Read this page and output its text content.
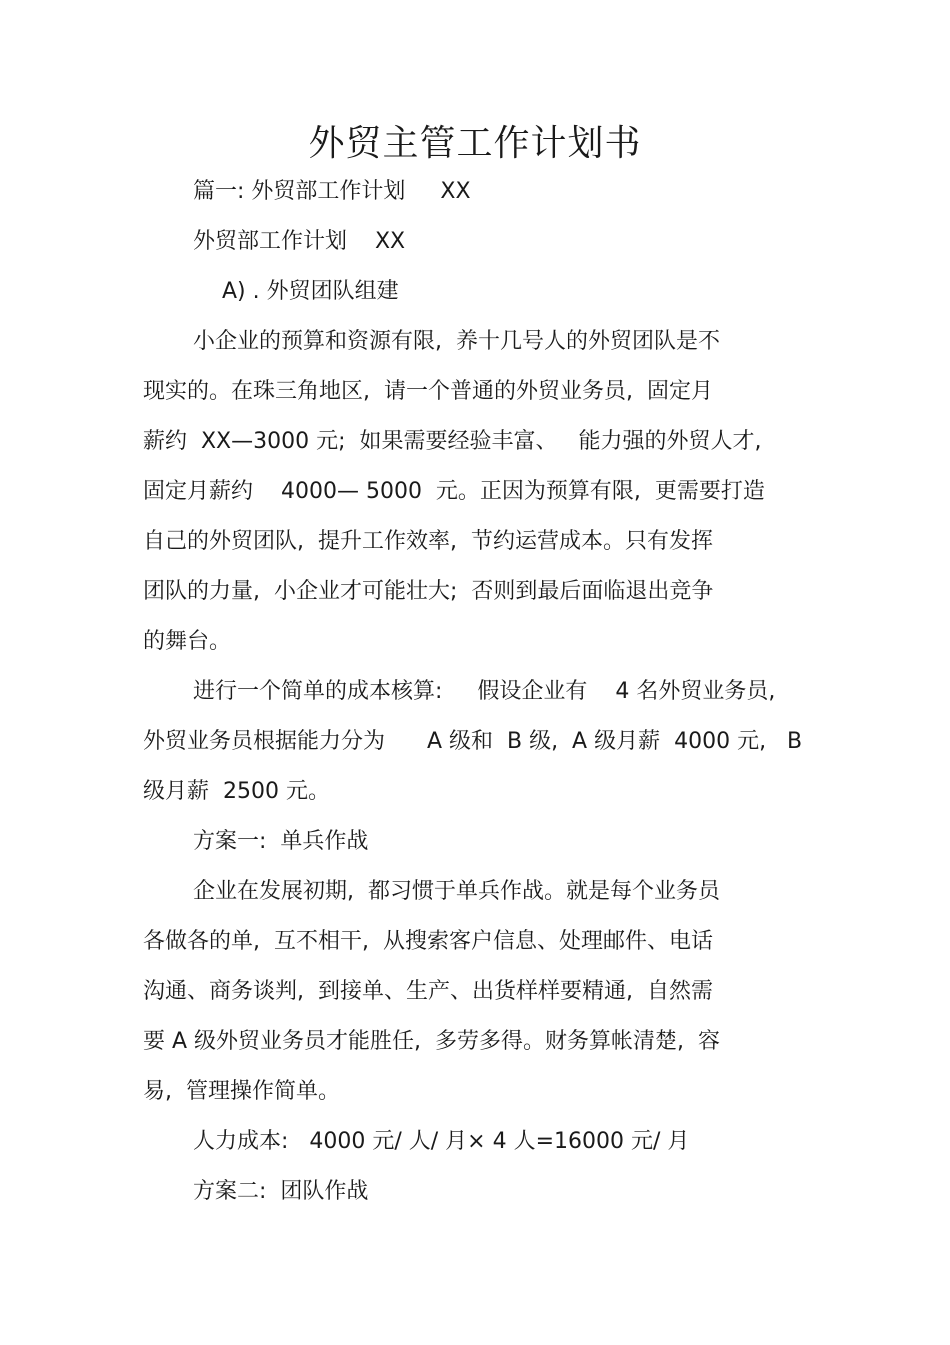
外贸主管工作计划书
篇一: 外贸部工作计划     XX
外贸部工作计划    XX
A) . 外贸团队组建
小企业的预算和资源有限,  养十几号人的外贸团队是不
现实的。在珠三角地区,  请一个普通的外贸业务员,  固定月
薪约  XX—3000 元;  如果需要经验丰富、   能力强的外贸人才,
固定月薪约    4000— 5000  元。正因为预算有限,  更需要打造
自己的外贸团队,  提升工作效率,  节约运营成本。只有发挥
团队的力量,  小企业才可能壮大;  否则到最后面临退出竞争
的舞台。
进行一个简单的成本核算:     假设企业有    4 名外贸业务员,
外贸业务员根据能力分为      A 级和  B 级,  A 级月薪  4000 元,   B
级月薪  2500 元。
方案一:  单兵作战
企业在发展初期,  都习惯于单兵作战。就是每个业务员
各做各的单,  互不相干,  从搜索客户信息、处理邮件、电话
沟通、商务谈判,  到接单、生产、出货样样要精通,  自然需
要 A 级外贸业务员才能胜任,  多劳多得。财务算帐清楚,  容
易,  管理操作简单。
人力成本:   4000 元/ 人/ 月× 4 人=16000 元/ 月
方案二:  团队作战
